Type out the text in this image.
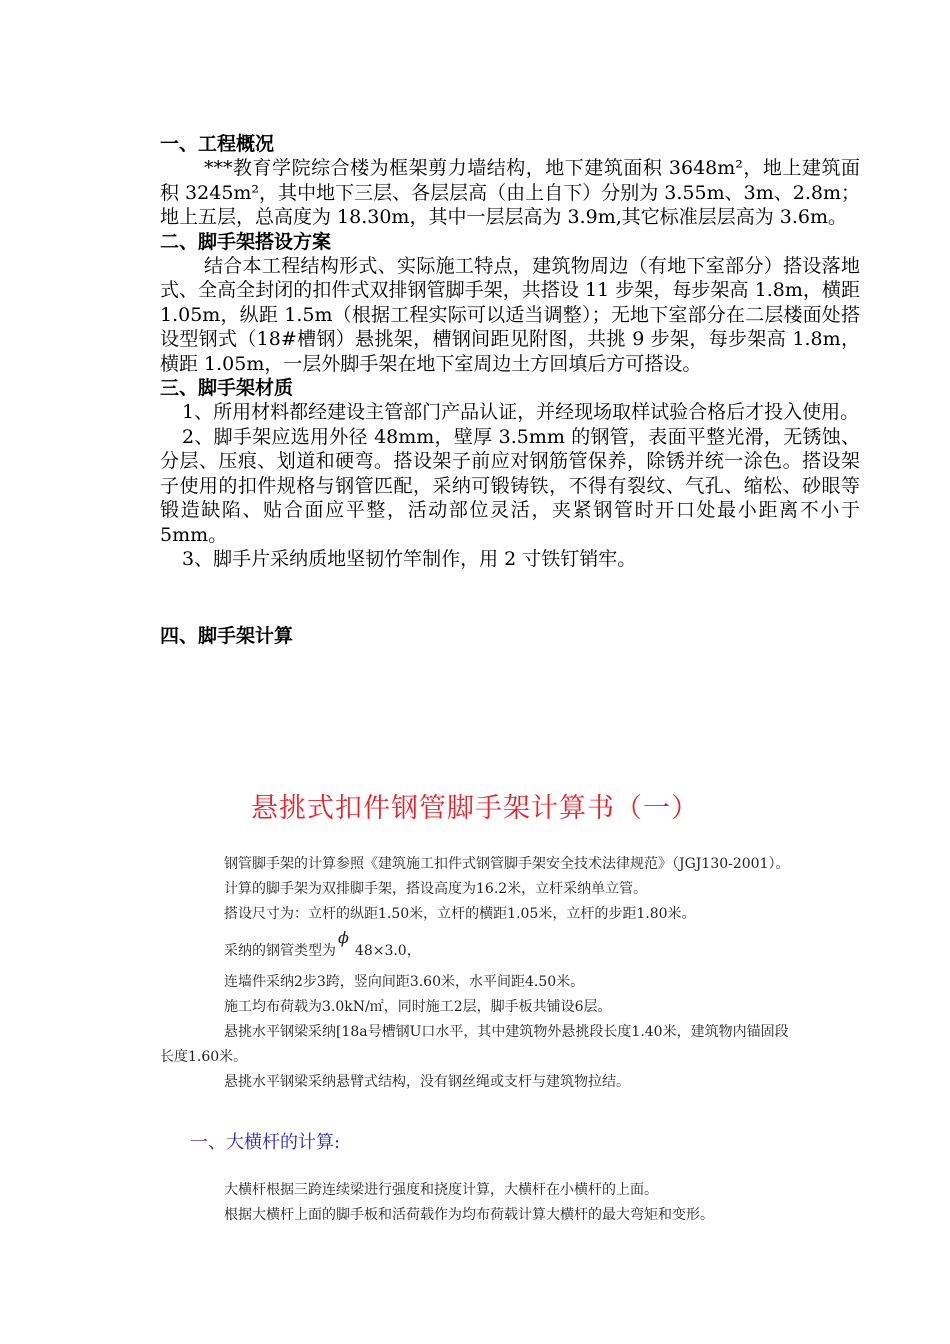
一、工程概况

***教育学院综合楼为框架剪力墙结构，地下建筑面积 3648m²，地上建筑面积 3245m²，其中地下三层、各层层高（由上自下）分别为 3.55m、3m、2.8m；地上五层，总高度为 18.30m，其中一层层高为 3.9m,其它标准层层高为 3.6m。

二、脚手架搭设方案

结合本工程结构形式、实际施工特点，建筑物周边（有地下室部分）搭设落地式、全高全封闭的扣件式双排钢管脚手架，共搭设 11 步架，每步架高 1.8m，横距 1.05m，纵距 1.5m（根据工程实际可以适当调整）；无地下室部分在二层楼面处搭设型钢式（18#槽钢）悬挑架，槽钢间距见附图，共挑 9 步架，每步架高 1.8m，横距 1.05m，一层外脚手架在地下室周边土方回填后方可搭设。

三、脚手架材质

1、所用材料都经建设主管部门产品认证，并经现场取样试验合格后才投入使用。

2、脚手架应选用外径 48mm，壁厚 3.5mm 的钢管，表面平整光滑，无锈蚀、分层、压痕、划道和硬弯。搭设架子前应对钢筋管保养，除锈并统一涂色。搭设架子使用的扣件规格与钢管匹配，采纳可锻铸铁，不得有裂纹、气孔、缩松、砂眼等锻造缺陷、贴合面应平整，活动部位灵活，夹紧钢管时开口处最小距离不小于 5mm。

3、脚手片采纳质地坚韧竹竿制作，用 2 寸铁钉销牢。

四、脚手架计算

悬挑式扣件钢管脚手架计算书（一）

钢管脚手架的计算参照《建筑施工扣件式钢管脚手架安全技术法律规范》（JGJ130-2001）。

计算的脚手架为双排脚手架，搭设高度为16.2米，立杆采纳单立管。

搭设尺寸为：立杆的纵距1.50米，立杆的横距1.05米，立杆的步距1.80米。

采纳的钢管类型为ϕ48×3.0，

连墙件采纳2步3跨，竖向间距3.60米，水平间距4.50米。

施工均布荷载为3.0kN/㎡，同时施工2层，脚手板共铺设6层。

悬挑水平钢梁采纳[18a号槽钢U口水平，其中建筑物外悬挑段长度1.40米，建筑物内锚固段

长度1.60米。

悬挑水平钢梁采纳悬臂式结构，没有钢丝绳或支杆与建筑物拉结。

一、大横杆的计算:

大横杆根据三跨连续梁进行强度和挠度计算，大横杆在小横杆的上面。

根据大横杆上面的脚手板和活荷载作为均布荷载计算大横杆的最大弯矩和变形。
